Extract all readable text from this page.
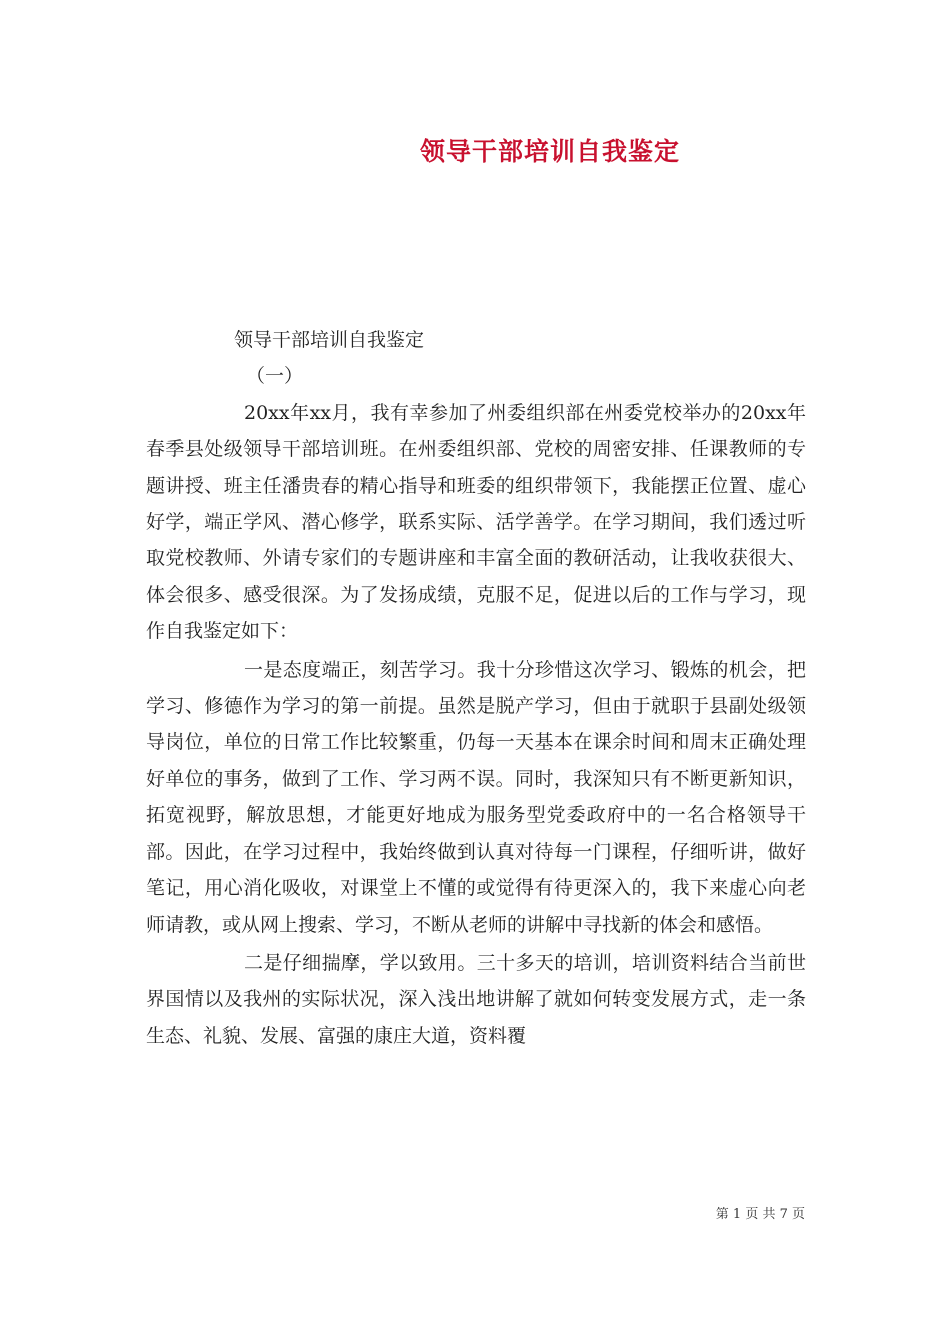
领导干部培训自我鉴定

领导干部培训自我鉴定

（一）

20xx年xx月，我有幸参加了州委组织部在州委党校举办的20xx年春季县处级领导干部培训班。在州委组织部、党校的周密安排、任课教师的专题讲授、班主任潘贵春的精心指导和班委的组织带领下，我能摆正位置、虚心好学，端正学风、潜心修学，联系实际、活学善学。在学习期间，我们透过听取党校教师、外请专家们的专题讲座和丰富全面的教研活动，让我收获很大、体会很多、感受很深。为了发扬成绩，克服不足，促进以后的工作与学习，现作自我鉴定如下：

一是态度端正，刻苦学习。我十分珍惜这次学习、锻炼的机会，把学习、修德作为学习的第一前提。虽然是脱产学习，但由于就职于县副处级领导岗位，单位的日常工作比较繁重，仍每一天基本在课余时间和周末正确处理好单位的事务，做到了工作、学习两不误。同时，我深知只有不断更新知识，拓宽视野，解放思想，才能更好地成为服务型党委政府中的一名合格领导干部。因此，在学习过程中，我始终做到认真对待每一门课程，仔细听讲，做好笔记，用心消化吸收，对课堂上不懂的或觉得有待更深入的，我下来虚心向老师请教，或从网上搜索、学习，不断从老师的讲解中寻找新的体会和感悟。

二是仔细揣摩，学以致用。三十多天的培训，培训资料结合当前世界国情以及我州的实际状况，深入浅出地讲解了就如何转变发展方式，走一条生态、礼貌、发展、富强的康庄大道，资料覆

第 1 页 共 7 页
